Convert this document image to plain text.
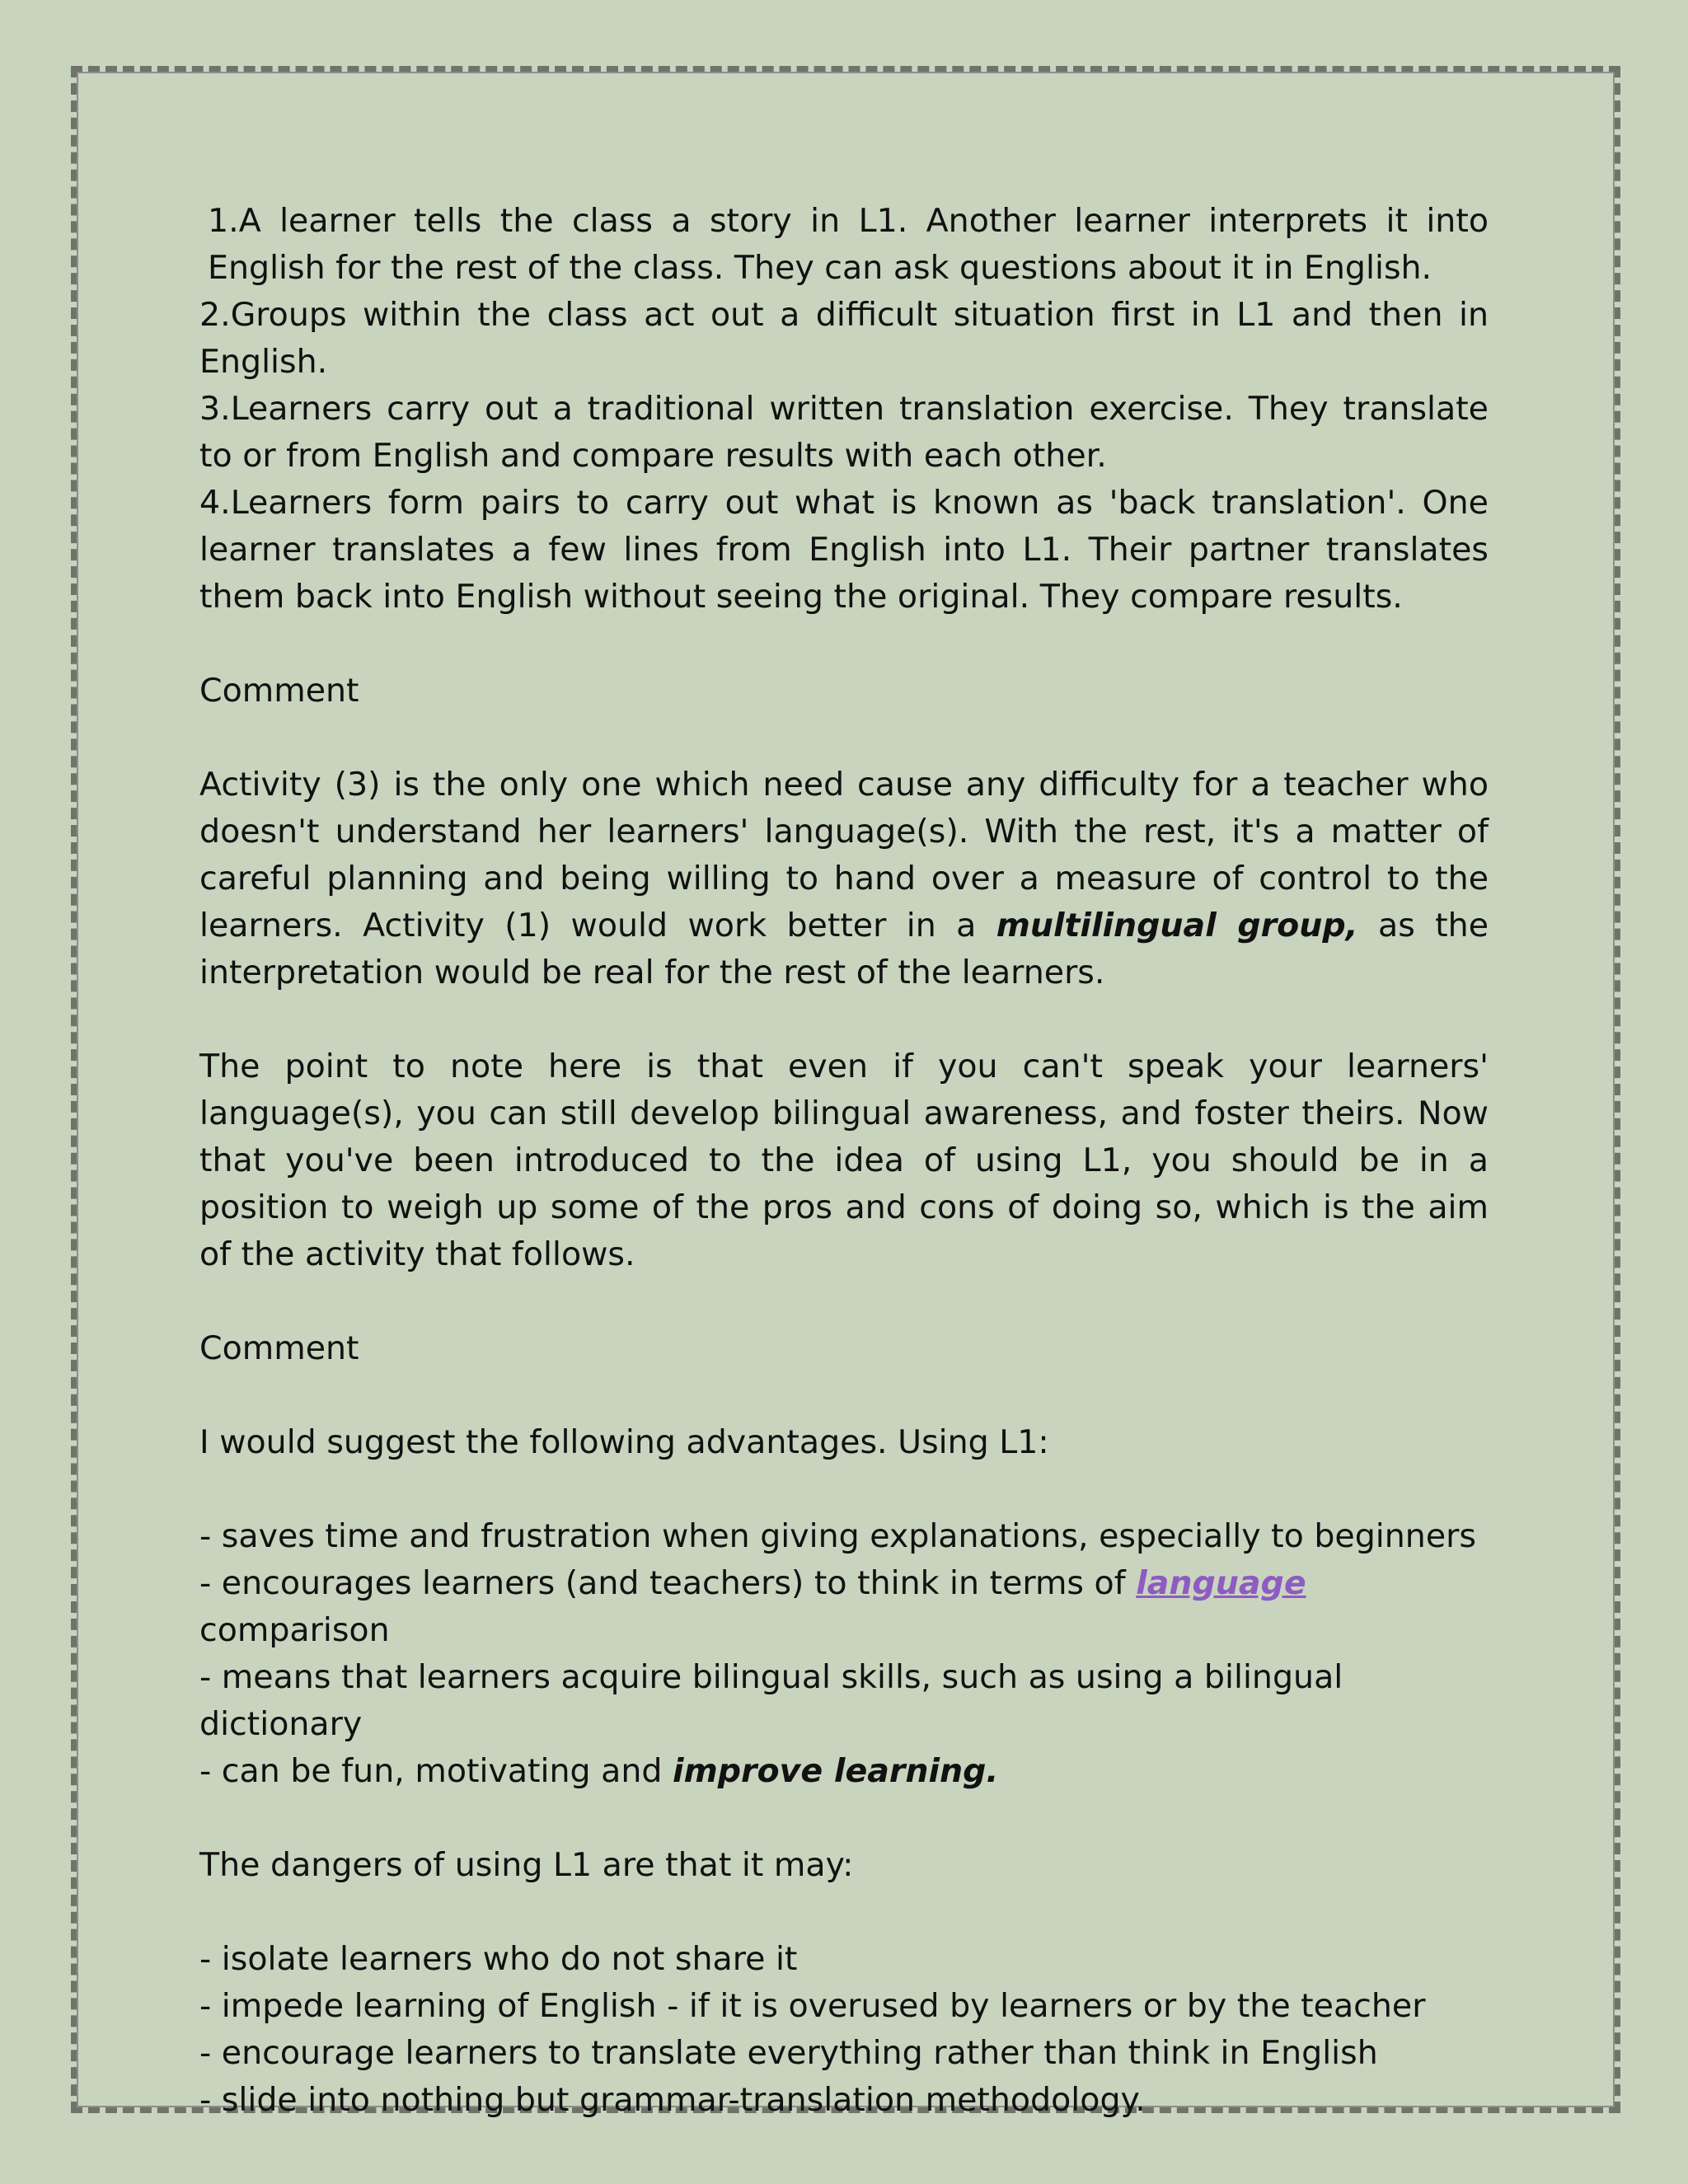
1.A learner tells the class a story in L1. Another learner interprets it into English for the rest of the class. They can ask questions about it in English.

2.Groups within the class act out a difficult situation first in L1 and then in English.

3.Learners carry out a traditional written translation exercise. They translate to or from English and compare results with each other.

4.Learners form pairs to carry out what is known as 'back translation'. One learner translates a few lines from English into L1. Their partner translates them back into English without seeing the original. They compare results.

Comment

Activity (3) is the only one which need cause any difficulty for a teacher who doesn't understand her learners' language(s). With the rest, it's a matter of careful planning and being willing to hand over a measure of control to the learners. Activity (1) would work better in a multilingual group, as the interpretation would be real for the rest of the learners.

The point to note here is that even if you can't speak your learners' language(s), you can still develop bilingual awareness, and foster theirs. Now that you've been introduced to the idea of using L1, you should be in a position to weigh up some of the pros and cons of doing so, which is the aim of the activity that follows.

Comment

I would suggest the following advantages. Using L1:

- saves time and frustration when giving explanations, especially to beginners

- encourages learners (and teachers) to think in terms of language comparison

- means that learners acquire bilingual skills, such as using a bilingual dictionary

- can be fun, motivating and improve learning.

The dangers of using L1 are that it may:

- isolate learners who do not share it

- impede learning of English - if it is overused by learners or by the teacher

- encourage learners to translate everything rather than think in English

- slide into nothing but grammar-translation methodology.
